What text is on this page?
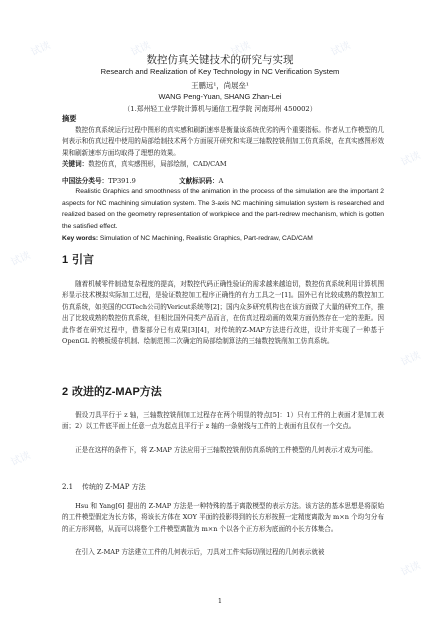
数控仿真关键技术的研究与实现
Research and Realization of Key Technology in NC Verification System
王鹏远¹，尚展垒¹
WANG Peng-Yuan, SHANG Zhan-Lei
（1.郑州轻工业学院计算机与通信工程学院 河南郑州 450002）
摘要
数控仿真系统运行过程中图形的真实感和刷新速率是衡量该系统优劣的两个重要指标。作者从工作模型的几何表示和仿真过程中使用的局部绘制技术两个方面展开研究和实现三轴数控铣削加工仿真系统，在真实感图形效果和刷新速率方面均取得了理想的效果。
关键词：数控仿真，真实感图形，局部绘制，CAD/CAM
中国法分类号：TP391.9	文献标识码：A
Realistic Graphics and smoothness of the animation in the process of the simulation are the important 2 aspects for NC machining simulation system. The 3-axis NC machining simulation system is researched and realized based on the geometry representation of workpiece and the part-redrew mechanism, which is gotten the satisfied effect.
Key words: Simulation of NC Machining, Realistic Graphics, Part-redraw, CAD/CAM
1 引言
随着机械零件制造复杂程度的提高，对数控代码正确性验证的需求越来越迫切，数控仿真系统利用计算机图形显示技术模拟实际加工过程，是验证数控加工程序正确性的有力工具之一[1]。国外已有比较成熟的数控加工仿真系统，如美国的CGTech公司的Vericut系统等[2]；国内众多研究机构也在该方面做了大量的研究工作，推出了比较成熟的数控仿真系统，但相比国外同类产品而言，在仿真过程动画的效果方面仍然存在一定的差距。因此作者在研究过程中，借鉴部分已有成果[3][4]，对传统的Z-MAP方法进行改进，设计并实现了一种基于OpenGL 的模板缓存机制、绘制范围二次确定的局部绘制算法的三轴数控铣削加工仿真系统。
2 改进的Z-MAP方法
假设刀具平行于 z 轴，三轴数控铣削加工过程存在两个明显的特点[5]：1）只有工件的上表面才是加工表面；2）以工件底平面上任意一点为起点且平行于 z 轴的一条射线与工件的上表面有且仅有一个交点。
正是在这样的条件下，将 Z-MAP 方法应用于三轴数控铣削仿真系统的工件模型的几何表示才成为可能。
2.1 传统的 Z-MAP 方法
Hsu 和 Yang[6] 提出的 Z-MAP 方法是一种特殊的基于离散模型的表示方法。该方法的基本思想是将原始的工件模型假定为长方体，将该长方体在 XOY 平面的投影得到的长方形按照一定精度离散为 m×n 个均匀分布的正方形网格，从而可以将整个工件模型离散为 m×n 个以各个正方形为底面的小长方体集合。
在引入 Z-MAP 方法建立工件的几何表示后，刀具对工件实际切削过程的几何表示就被
1
试读	试读	试读	试读
试读
试读
试读
试读
试读
